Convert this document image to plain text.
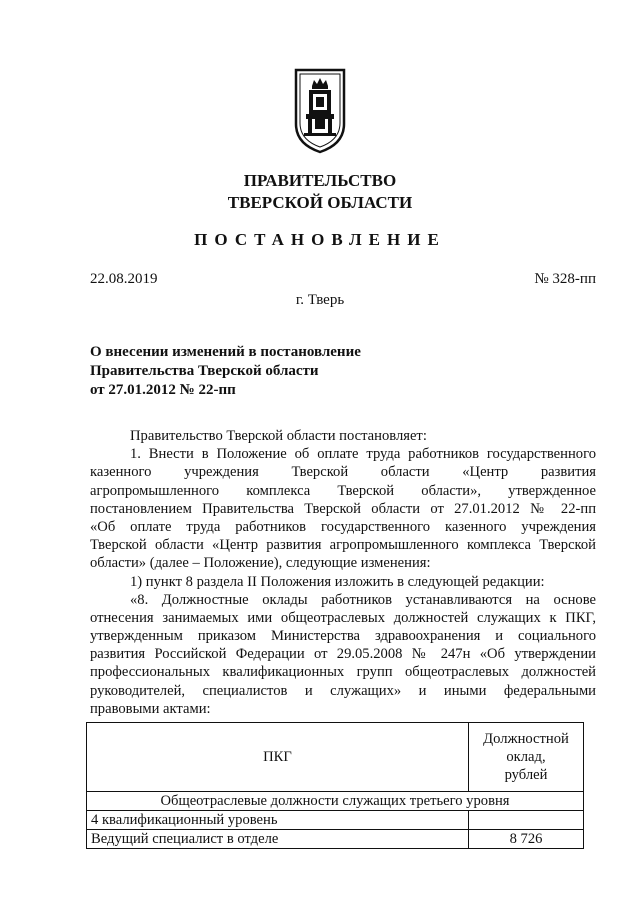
ПРАВИТЕЛЬСТВО
ТВЕРСКОЙ ОБЛАСТИ
ПОСТАНОВЛЕНИЕ
22.08.2019	№ 328-пп
г. Тверь
О внесении изменений в постановление
Правительства Тверской области
от 27.01.2012 № 22-пп
Правительство Тверской области постановляет:
1. Внести в Положение об оплате труда работников государственного
казенного учреждения Тверской области «Центр развития
агропромышленного комплекса Тверской области», утвержденное
постановлением Правительства Тверской области от 27.01.2012 № 22-пп
«Об оплате труда работников государственного казенного учреждения
Тверской области «Центр развития агропромышленного комплекса Тверской
области» (далее – Положение), следующие изменения:
1) пункт 8 раздела II Положения изложить в следующей редакции:
«8. Должностные оклады работников устанавливаются на основе
отнесения занимаемых ими общеотраслевых должностей служащих к ПКГ,
утвержденным приказом Министерства здравоохранения и социального
развития Российской Федерации от 29.05.2008 № 247н «Об утверждении
профессиональных квалификационных групп общеотраслевых должностей
руководителей, специалистов и служащих» и иными федеральными
правовыми актами:
ПКГ	Должностной
оклад,
рублей

Общеотраслевые должности служащих третьего уровня	
4 квалификационный уровень	
Ведущий специалист в отделе	8 726
